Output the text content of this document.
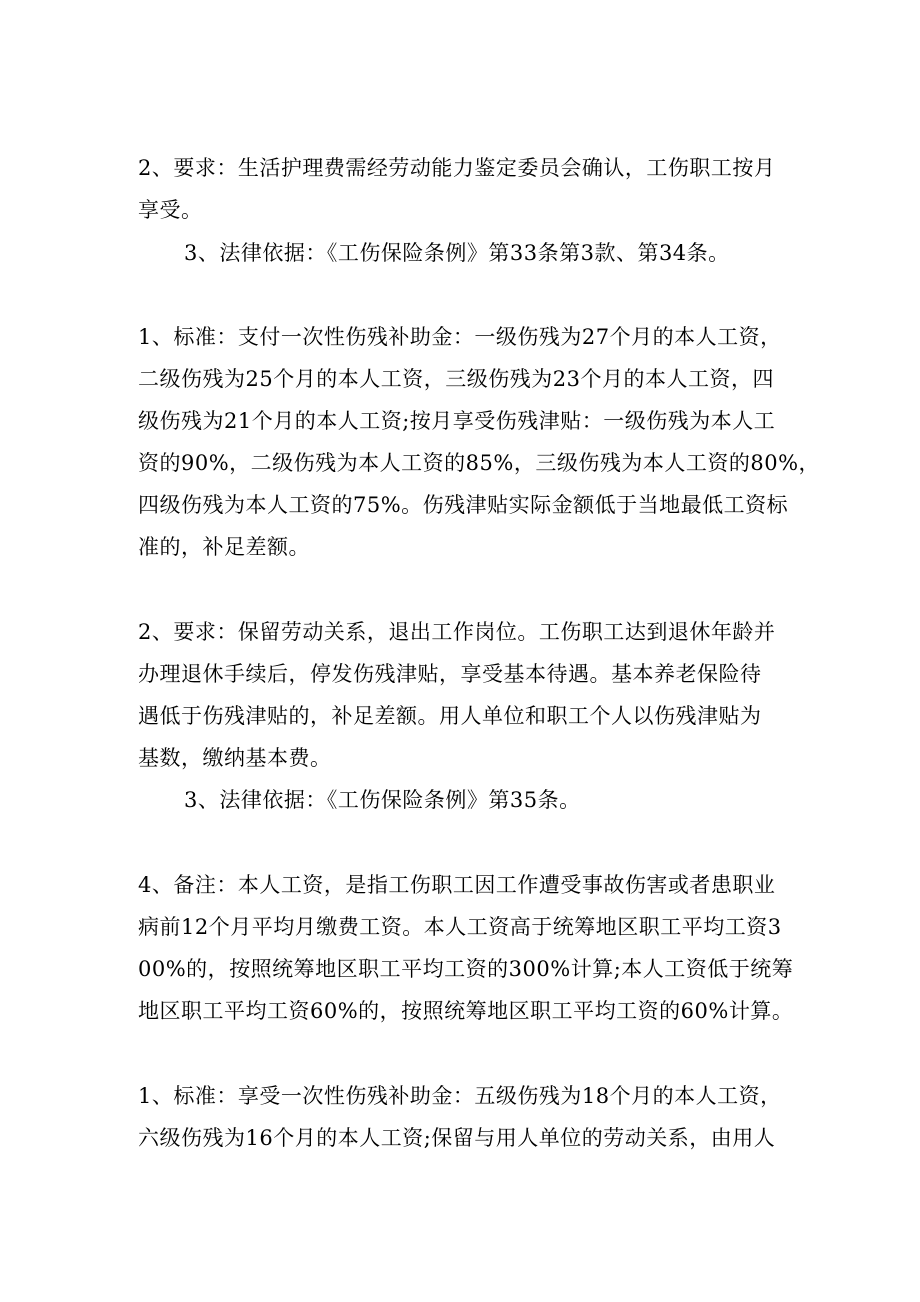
2、要求：生活护理费需经劳动能力鉴定委员会确认，工伤职工按月
享受。
3、法律依据：《工伤保险条例》第33条第3款、第34条。
1、标准：支付一次性伤残补助金：一级伤残为27个月的本人工资，
二级伤残为25个月的本人工资，三级伤残为23个月的本人工资，四
级伤残为21个月的本人工资;按月享受伤残津贴：一级伤残为本人工
资的90%，二级伤残为本人工资的85%，三级伤残为本人工资的80%，
四级伤残为本人工资的75%。伤残津贴实际金额低于当地最低工资标
准的，补足差额。
2、要求：保留劳动关系，退出工作岗位。工伤职工达到退休年龄并
办理退休手续后，停发伤残津贴，享受基本待遇。基本养老保险待
遇低于伤残津贴的，补足差额。用人单位和职工个人以伤残津贴为
基数，缴纳基本费。
3、法律依据：《工伤保险条例》第35条。
4、备注：本人工资，是指工伤职工因工作遭受事故伤害或者患职业
病前12个月平均月缴费工资。本人工资高于统筹地区职工平均工资3
00%的，按照统筹地区职工平均工资的300%计算;本人工资低于统筹
地区职工平均工资60%的，按照统筹地区职工平均工资的60%计算。
1、标准：享受一次性伤残补助金：五级伤残为18个月的本人工资，
六级伤残为16个月的本人工资;保留与用人单位的劳动关系，由用人
